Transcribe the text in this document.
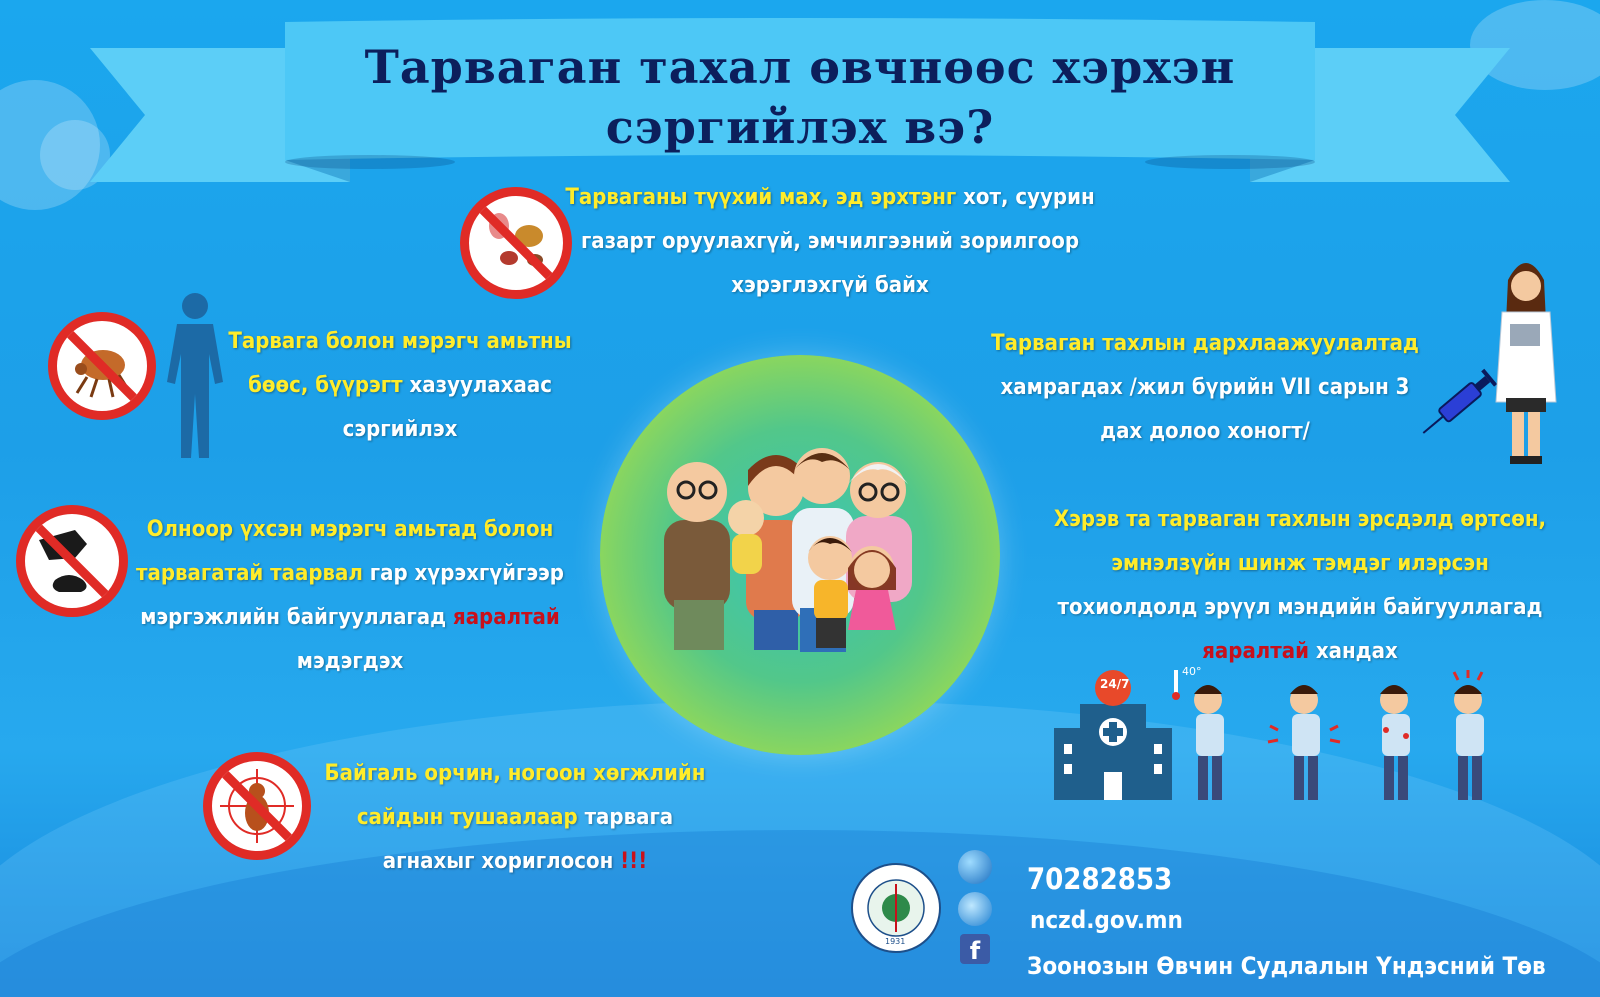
Тарваган тахал өвчнөөс хэрхэн
сэргийлэх вэ?
Тарваганы түүхий мах, эд эрхтэнг хот, суурин
газарт оруулахгүй, эмчилгээний зорилгоор
хэрэглэхгүй байх
Тарвага болон мэрэгч амьтны
бөөс, бүүрэгт хазуулахаас
сэргийлэх
Олноор үхсэн мэрэгч амьтад болон
тарвагатай таарвал гар хүрэхгүйгээр
мэргэжлийн байгууллагад яаралтай
мэдэгдэх
Байгаль орчин, ногоон хөгжлийн
сайдын тушаалаар тарвага
агнахыг хориглосон !!!
Тарваган тахлын дархлаажуулалтад
хамрагдах /жил бүрийн VII сарын 3
дах долоо хоногт/
Хэрэв та тарваган тахлын эрсдэлд өртсөн,
эмнэлзүйн шинж тэмдэг илэрсэн
тохиолдолд эрүүл мэндийн байгууллагад
яаралтай хандах
24/7
40°
1931
70282853
nczd.gov.mn
f
Зоонозын Өвчин Судлалын Үндэсний Төв
